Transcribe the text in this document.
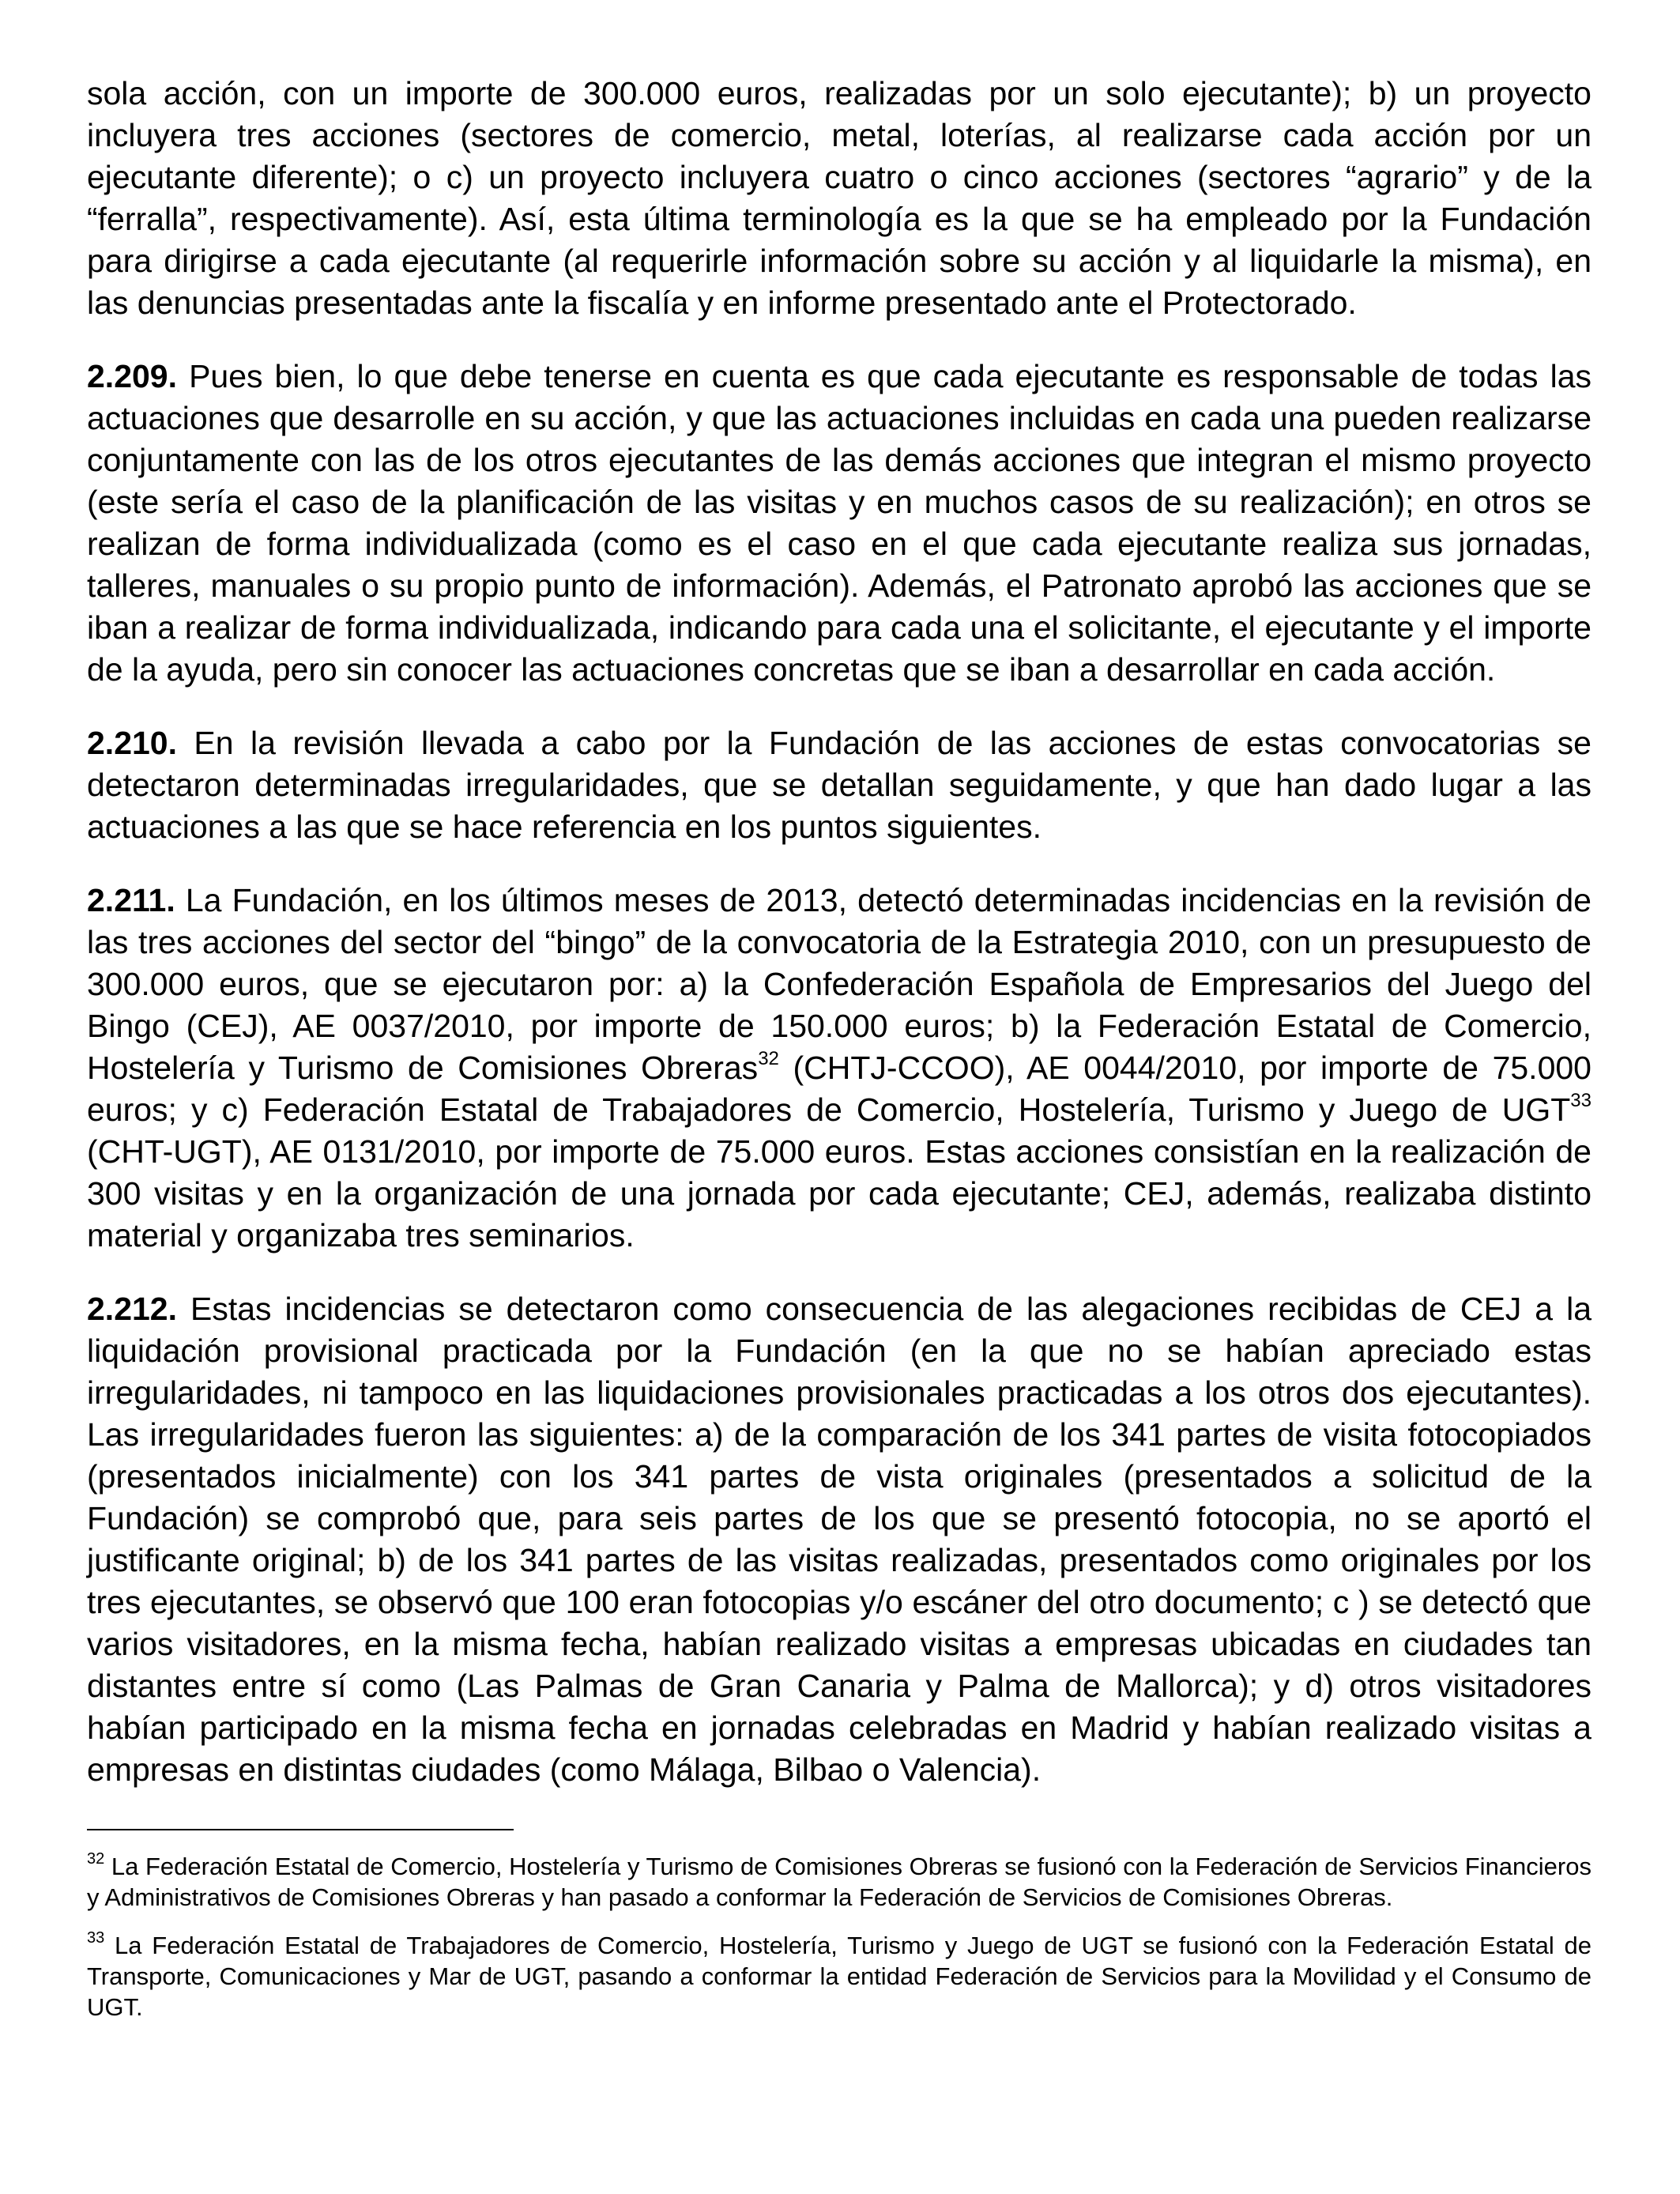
sola acción, con un importe de 300.000 euros, realizadas por un solo ejecutante); b) un proyecto incluyera tres acciones (sectores de comercio, metal, loterías, al realizarse cada acción por un ejecutante diferente); o c) un proyecto incluyera cuatro o cinco acciones (sectores “agrario” y de la “ferralla”, respectivamente). Así, esta última terminología es la que se ha empleado por la Fundación para dirigirse a cada ejecutante (al requerirle información sobre su acción y al liquidarle la misma), en las denuncias presentadas ante la fiscalía y en informe presentado ante el Protectorado.

2.209. Pues bien, lo que debe tenerse en cuenta es que cada ejecutante es responsable de todas las actuaciones que desarrolle en su acción, y que las actuaciones incluidas en cada una pueden realizarse conjuntamente con las de los otros ejecutantes de las demás acciones que integran el mismo proyecto (este sería el caso de la planificación de las visitas y en muchos casos de su realización); en otros se realizan de forma individualizada (como es el caso en el que cada ejecutante realiza sus jornadas, talleres, manuales o su propio punto de información). Además, el Patronato aprobó las acciones que se iban a realizar de forma individualizada, indicando para cada una el solicitante, el ejecutante y el importe de la ayuda, pero sin conocer las actuaciones concretas que se iban a desarrollar en cada acción.

2.210. En la revisión llevada a cabo por la Fundación de las acciones de estas convocatorias se detectaron determinadas irregularidades, que se detallan seguidamente, y que han dado lugar a las actuaciones a las que se hace referencia en los puntos siguientes.

2.211. La Fundación, en los últimos meses de 2013, detectó determinadas incidencias en la revisión de las tres acciones del sector del “bingo” de la convocatoria de la Estrategia 2010, con un presupuesto de 300.000 euros, que se ejecutaron por: a) la Confederación Española de Empresarios del Juego del Bingo (CEJ), AE 0037/2010, por importe de 150.000 euros; b) la Federación Estatal de Comercio, Hostelería y Turismo de Comisiones Obreras$^{32}$ (CHTJ-CCOO), AE 0044/2010, por importe de 75.000 euros; y c) Federación Estatal de Trabajadores de Comercio, Hostelería, Turismo y Juego de UGT$^{33}$ (CHT-UGT), AE 0131/2010, por importe de 75.000 euros. Estas acciones consistían en la realización de 300 visitas y en la organización de una jornada por cada ejecutante; CEJ, además, realizaba distinto material y organizaba tres seminarios.

2.212. Estas incidencias se detectaron como consecuencia de las alegaciones recibidas de CEJ a la liquidación provisional practicada por la Fundación (en la que no se habían apreciado estas irregularidades, ni tampoco en las liquidaciones provisionales practicadas a los otros dos ejecutantes). Las irregularidades fueron las siguientes: a) de la comparación de los 341 partes de visita fotocopiados (presentados inicialmente) con los 341 partes de vista originales (presentados a solicitud de la Fundación) se comprobó que, para seis partes de los que se presentó fotocopia, no se aportó el justificante original; b) de los 341 partes de las visitas realizadas, presentados como originales por los tres ejecutantes, se observó que 100 eran fotocopias y/o escáner del otro documento; c ) se detectó que varios visitadores, en la misma fecha, habían realizado visitas a empresas ubicadas en ciudades tan distantes entre sí como (Las Palmas de Gran Canaria y Palma de Mallorca); y d) otros visitadores habían participado en la misma fecha en jornadas celebradas en Madrid y habían realizado visitas a empresas en distintas ciudades (como Málaga, Bilbao o Valencia).

$^{32}$ La Federación Estatal de Comercio, Hostelería y Turismo de Comisiones Obreras se fusionó con la Federación de Servicios Financieros y Administrativos de Comisiones Obreras y han pasado a conformar la Federación de Servicios de Comisiones Obreras.

$^{33}$ La Federación Estatal de Trabajadores de Comercio, Hostelería, Turismo y Juego de UGT se fusionó con la Federación Estatal de Transporte, Comunicaciones y Mar de UGT, pasando a conformar la entidad Federación de Servicios para la Movilidad y el Consumo de UGT.
